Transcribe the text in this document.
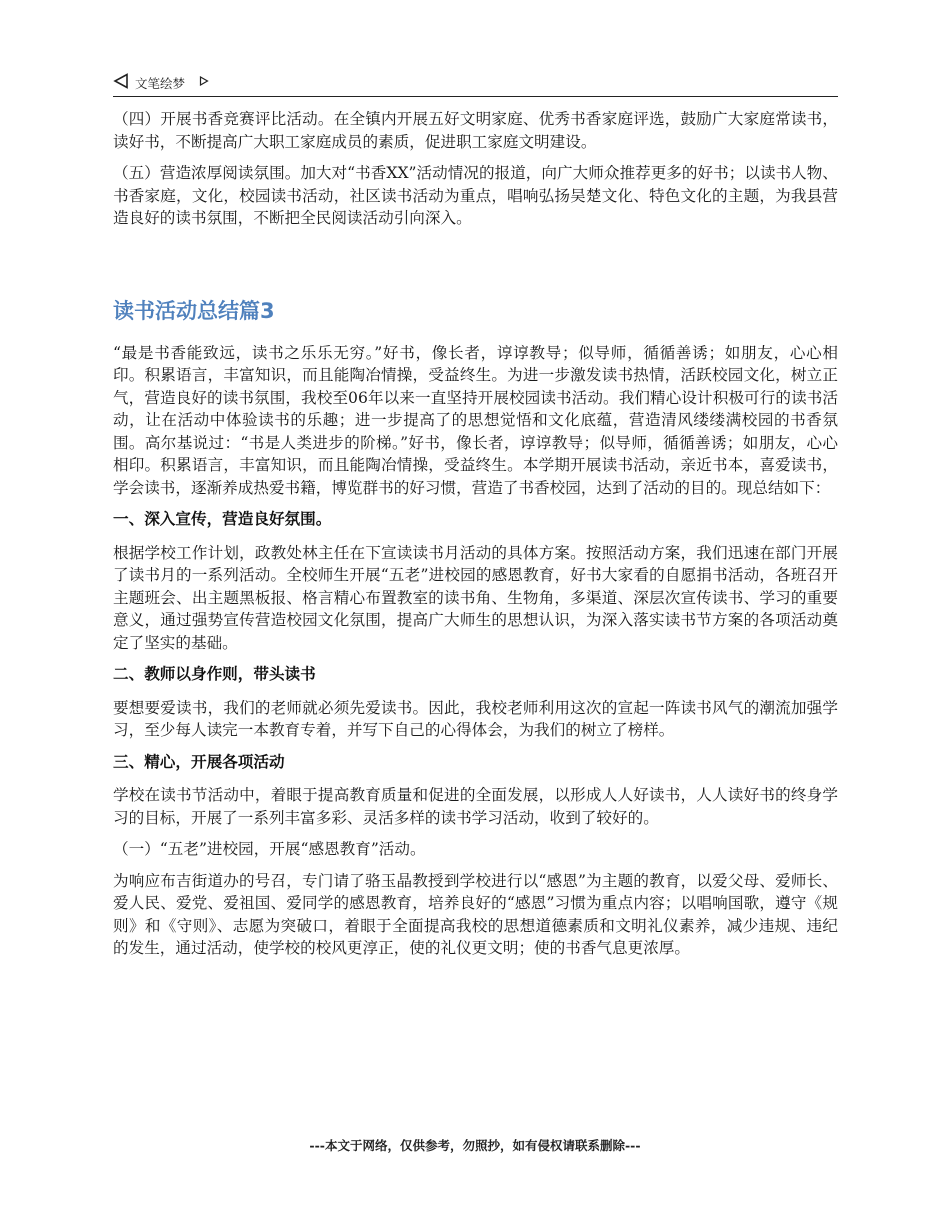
文笔绘梦

（四）开展书香竞赛评比活动。在全镇内开展五好文明家庭、优秀书香家庭评选，鼓励广大家庭常读书，读好书，不断提高广大职工家庭成员的素质，促进职工家庭文明建设。

（五）营造浓厚阅读氛围。加大对“书香XX”活动情况的报道，向广大师众推荐更多的好书；以读书人物、书香家庭，文化，校园读书活动，社区读书活动为重点，唱响弘扬吴楚文化、特色文化的主题，为我县营造良好的读书氛围，不断把全民阅读活动引向深入。

读书活动总结篇3

“最是书香能致远，读书之乐乐无穷。”好书，像长者，谆谆教导；似导师，循循善诱；如朋友，心心相印。积累语言，丰富知识，而且能陶冶情操，受益终生。为进一步激发读书热情，活跃校园文化，树立正气，营造良好的读书氛围，我校至06年以来一直坚持开展校园读书活动。我们精心设计积极可行的读书活动，让在活动中体验读书的乐趣；进一步提高了的思想觉悟和文化底蕴，营造清风缕缕满校园的书香氛围。高尔基说过：“书是人类进步的阶梯。”好书，像长者，谆谆教导；似导师，循循善诱；如朋友，心心相印。积累语言，丰富知识，而且能陶冶情操，受益终生。本学期开展读书活动，亲近书本，喜爱读书，学会读书，逐渐养成热爱书籍，博览群书的好习惯，营造了书香校园，达到了活动的目的。现总结如下：

一、深入宣传，营造良好氛围。

根据学校工作计划，政教处林主任在下宣读读书月活动的具体方案。按照活动方案，我们迅速在部门开展了读书月的一系列活动。全校师生开展“五老”进校园的感恩教育，好书大家看的自愿捐书活动，各班召开主题班会、出主题黑板报、格言精心布置教室的读书角、生物角，多渠道、深层次宣传读书、学习的重要意义，通过强势宣传营造校园文化氛围，提高广大师生的思想认识，为深入落实读书节方案的各项活动奠定了坚实的基础。

二、教师以身作则，带头读书

要想要爱读书，我们的老师就必须先爱读书。因此，我校老师利用这次的宣起一阵读书风气的潮流加强学习，至少每人读完一本教育专着，并写下自己的心得体会，为我们的树立了榜样。

三、精心，开展各项活动

学校在读书节活动中，着眼于提高教育质量和促进的全面发展，以形成人人好读书，人人读好书的终身学习的目标，开展了一系列丰富多彩、灵活多样的读书学习活动，收到了较好的。

（一）“五老”进校园，开展“感恩教育”活动。

为响应布吉街道办的号召，专门请了骆玉晶教授到学校进行以“感恩”为主题的教育，以爱父母、爱师长、爱人民、爱党、爱祖国、爱同学的感恩教育，培养良好的“感恩”习惯为重点内容；以唱响国歌，遵守《规则》和《守则》、志愿为突破口，着眼于全面提高我校的思想道德素质和文明礼仪素养，减少违规、违纪的发生，通过活动，使学校的校风更淳正，使的礼仪更文明；使的书香气息更浓厚。

---本文于网络，仅供参考，勿照抄，如有侵权请联系删除---
